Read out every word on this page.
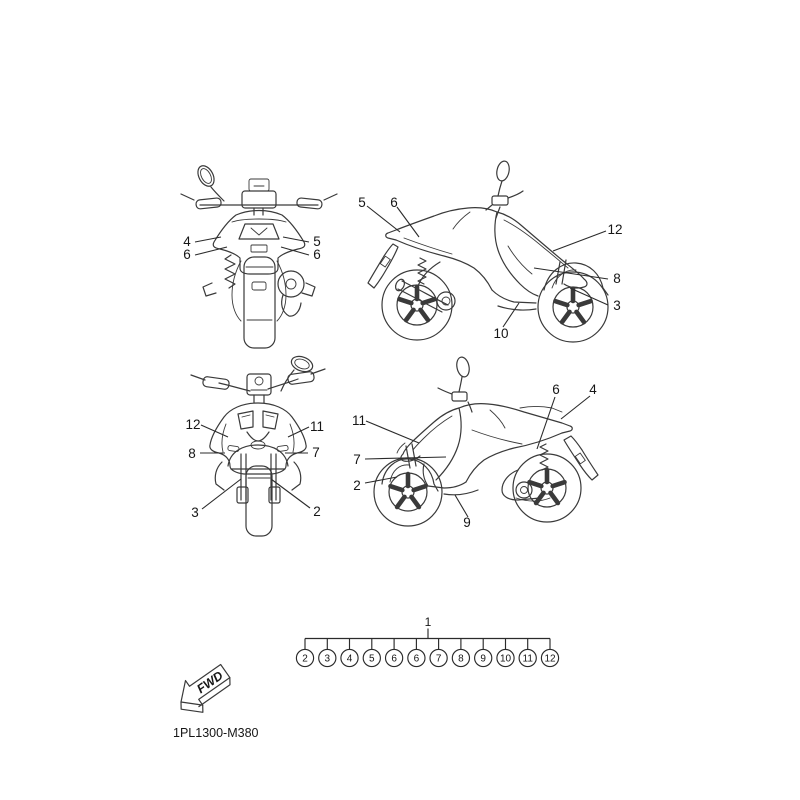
4
6
5
6
5 6
12
8
3
10
12
8
3
11
7
2
11
7
2
6 4
9
1
2 3 4 5 6 6 7 8 9 10 11 12
FWD
1PL1300-M380
